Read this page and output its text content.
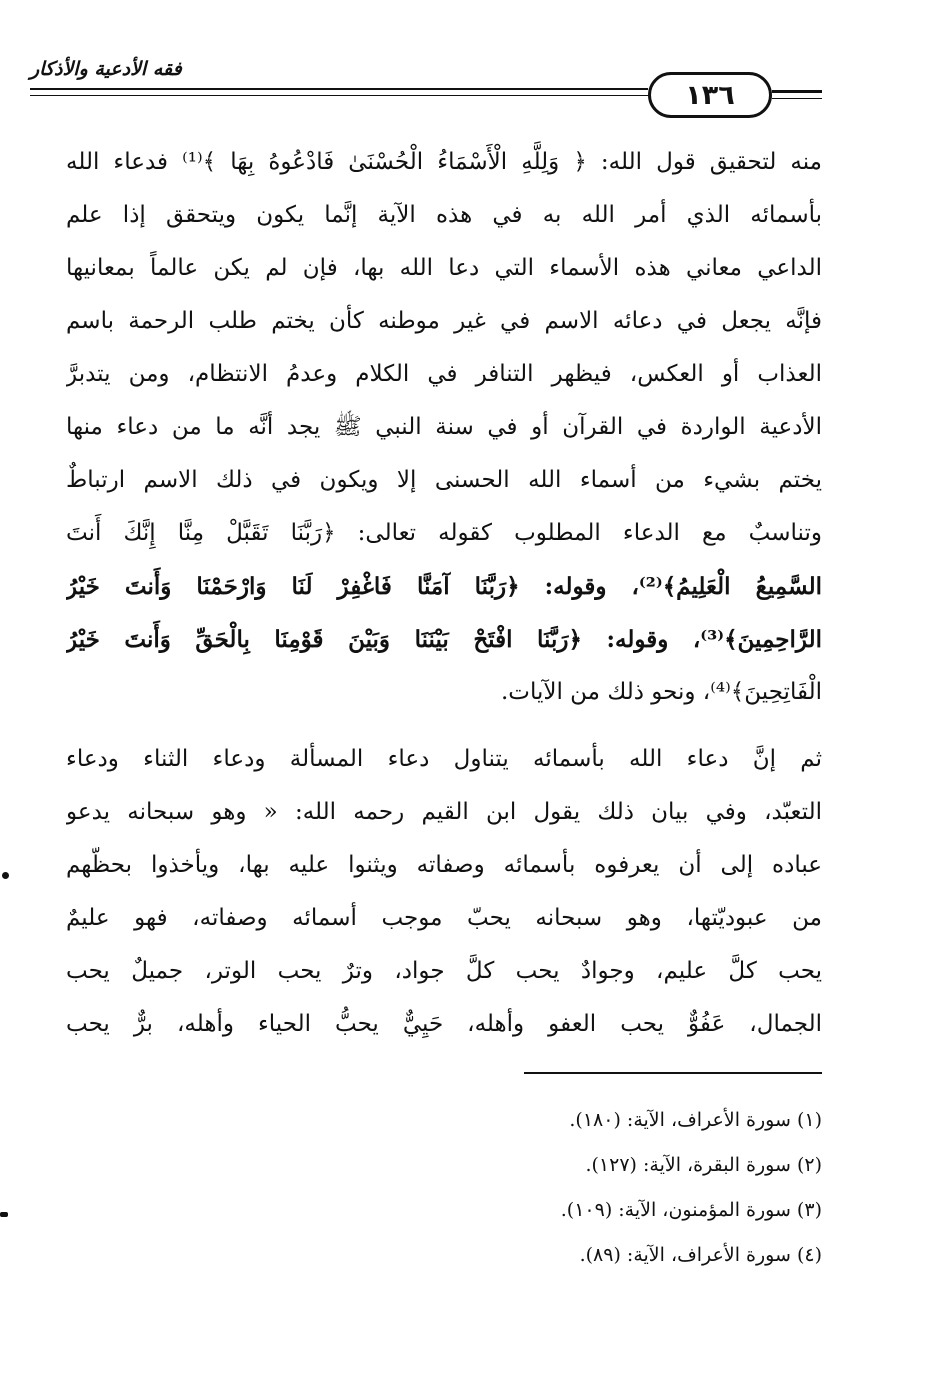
فقه الأدعية والأذكار
١٣٦
منه لتحقيق قول الله: ﴿ وَلِلَّهِ الْأَسْمَاءُ الْحُسْنَىٰ فَادْعُوهُ بِهَا ﴾⁽¹⁾ فدعاء الله
بأسمائه الذي أمر الله به في هذه الآية إنَّما يكون ويتحقق إذا علم
الداعي معاني هذه الأسماء التي دعا الله بها، فإن لم يكن عالماً بمعانيها
فإنَّه يجعل في دعائه الاسم في غير موطنه كأن يختم طلب الرحمة باسم
العذاب أو العكس، فيظهر التنافر في الكلام وعدمُ الانتظام، ومن يتدبرَّ
الأدعية الواردة في القرآن أو في سنة النبي ﷺ يجد أنَّه ما من دعاء منها
يختم بشيء من أسماء الله الحسنى إلا ويكون في ذلك الاسم ارتباطٌ
وتناسبٌ مع الدعاء المطلوب كقوله تعالى: ﴿رَبَّنَا تَقَبَّلْ مِنَّا إِنَّكَ أَنتَ
السَّمِيعُ الْعَلِيمُ﴾⁽²⁾، وقوله: ﴿رَبَّنَا آمَنَّا فَاغْفِرْ لَنَا وَارْحَمْنَا وَأَنتَ خَيْرُ
الرَّاحِمِينَ﴾⁽³⁾، وقوله: ﴿رَبَّنَا افْتَحْ بَيْنَنَا وَبَيْنَ قَوْمِنَا بِالْحَقِّ وَأَنتَ خَيْرُ
الْفَاتِحِينَ﴾⁽⁴⁾، ونحو ذلك من الآيات.
ثم إنَّ دعاء الله بأسمائه يتناول دعاء المسألة ودعاء الثناء ودعاء
التعبّد، وفي بيان ذلك يقول ابن القيم رحمه الله: « وهو سبحانه يدعو
عباده إلى أن يعرفوه بأسمائه وصفاته ويثنوا عليه بها، ويأخذوا بحظّهم
من عبوديّتها، وهو سبحانه يحبّ موجب أسمائه وصفاته، فهو عليمٌ
يحب كلَّ عليم، وجوادٌ يحب كلَّ جواد، وترٌ يحب الوتر، جميلٌ يحب
الجمال، عَفُوٌّ يحب العفو وأهله، حَيِيٌّ يحبُّ الحياء وأهله، برٌّ يحب
(١) سورة الأعراف، الآية: (١٨٠).
(٢) سورة البقرة، الآية: (١٢٧).
(٣) سورة المؤمنون، الآية: (١٠٩).
(٤) سورة الأعراف، الآية: (٨٩).
